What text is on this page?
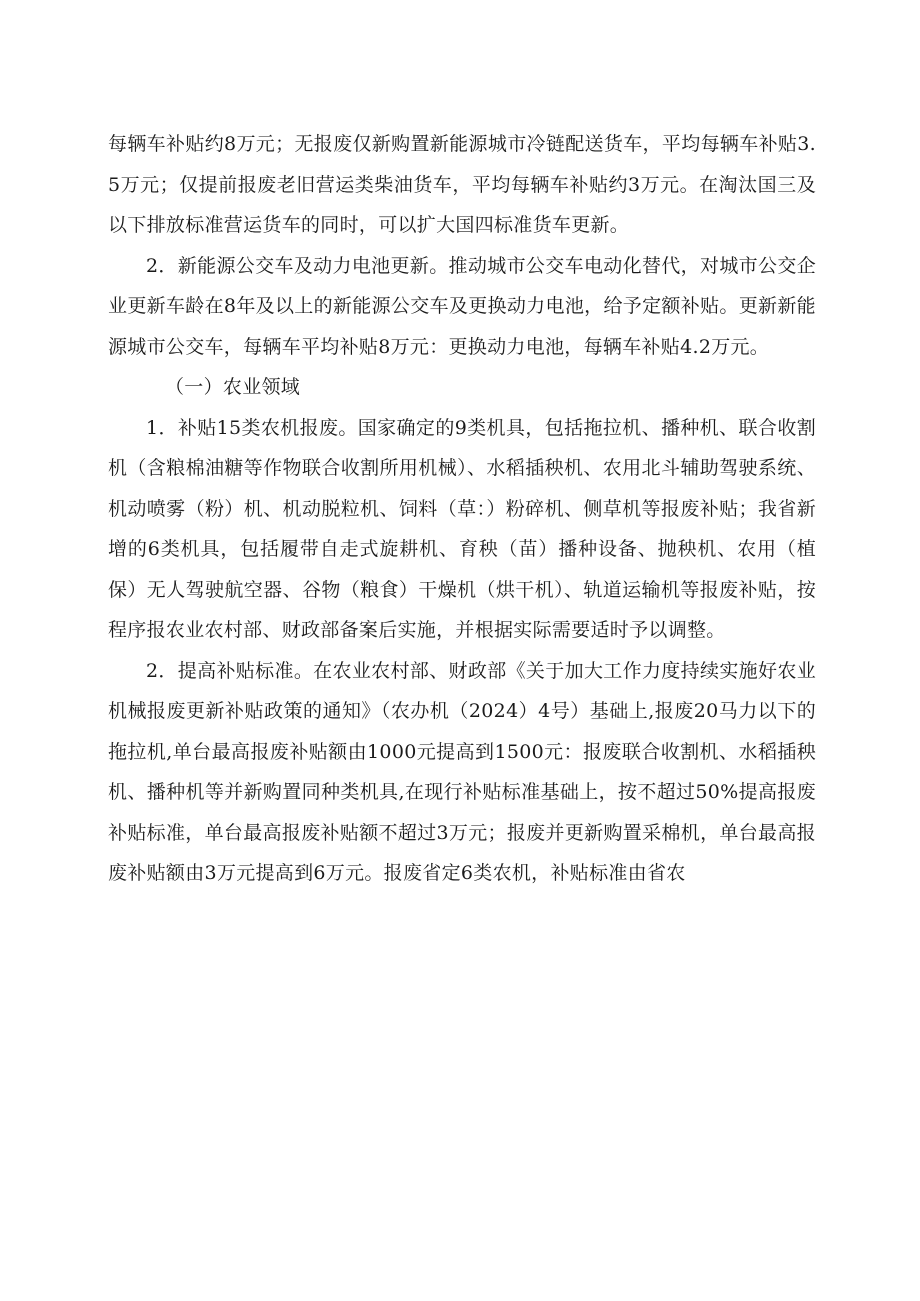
每辆车补贴约8万元；无报废仅新购置新能源城市冷链配送货车，平均每辆车补贴3.5万元；仅提前报废老旧营运类柴油货车，平均每辆车补贴约3万元。在淘汰国三及以下排放标准营运货车的同时，可以扩大国四标准货车更新。

2．新能源公交车及动力电池更新。推动城市公交车电动化替代，对城市公交企业更新车龄在8年及以上的新能源公交车及更换动力电池，给予定额补贴。更新新能源城市公交车，每辆车平均补贴8万元：更换动力电池，每辆车补贴4.2万元。

（一）农业领域

1．补贴15类农机报废。国家确定的9类机具，包括拖拉机、播种机、联合收割机（含粮棉油糖等作物联合收割所用机械）、水稻插秧机、农用北斗辅助驾驶系统、机动喷雾（粉）机、机动脱粒机、饲料（草：）粉碎机、侧草机等报废补贴；我省新增的6类机具，包括履带自走式旋耕机、育秧（苗）播种设备、抛秧机、农用（植保）无人驾驶航空器、谷物（粮食）干燥机（烘干机）、轨道运输机等报废补贴，按程序报农业农村部、财政部备案后实施，并根据实际需要适时予以调整。

2．提高补贴标准。在农业农村部、财政部《关于加大工作力度持续实施好农业机械报废更新补贴政策的通知》（农办机（2024）4号）基础上,报废20马力以下的拖拉机,单台最高报废补贴额由1000元提高到1500元：报废联合收割机、水稻插秧机、播种机等并新购置同种类机具,在现行补贴标准基础上，按不超过50%提高报废补贴标准，单台最高报废补贴额不超过3万元；报废并更新购置采棉机，单台最高报废补贴额由3万元提高到6万元。报废省定6类农机，补贴标准由省农
